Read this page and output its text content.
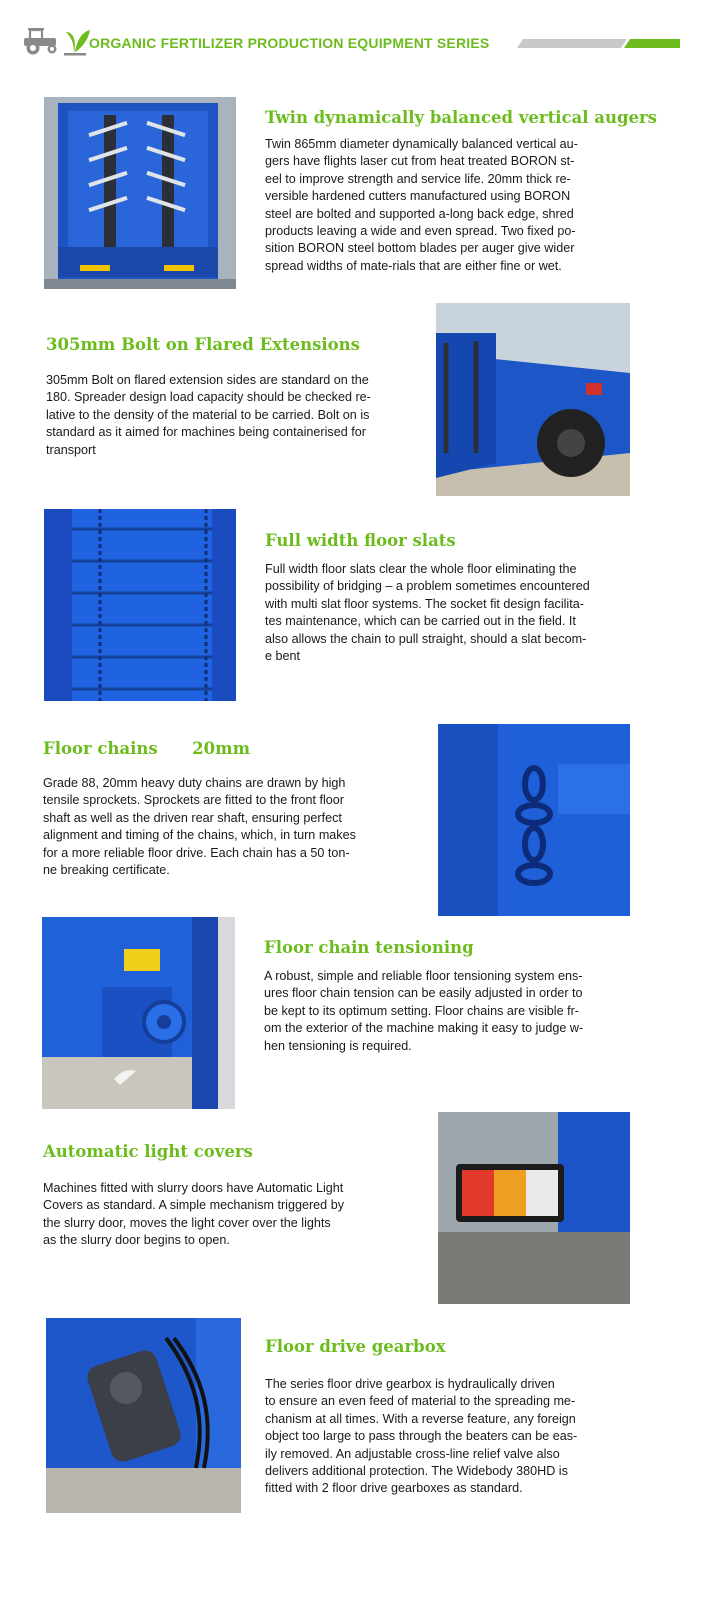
ORGANIC FERTILIZER PRODUCTION EQUIPMENT SERIES
Twin dynamically balanced vertical augers
Twin 865mm diameter dynamically balanced vertical au-
gers have flights laser cut from heat treated BORON st-
eel to improve strength and service life. 20mm thick re-
versible hardened cutters manufactured using BORON
steel are bolted and supported a-long back edge, shred
products leaving a wide and even spread. Two fixed po-
sition BORON steel bottom blades per auger give wider
spread widths of mate-rials that are either fine or wet.
305mm Bolt on Flared Extensions
305mm Bolt on flared extension sides are standard on the
180. Spreader design load capacity should be checked re-
lative to the density of the material to be carried. Bolt on is
standard as it aimed for machines being containerised for
transport
Full width floor slats
Full width floor slats clear the whole floor eliminating the
possibility of bridging – a problem sometimes encountered
with multi slat floor systems. The socket fit design facilita-
tes maintenance, which can be carried out in the field. It
also allows the chain to pull straight, should a slat becom-
e bent
Floor chains      20mm
Grade 88, 20mm heavy duty chains are drawn by high
tensile sprockets. Sprockets are fitted to the front floor
shaft as well as the driven rear shaft, ensuring perfect
alignment and timing of the chains, which, in turn makes
for a more reliable floor drive. Each chain has a 50 ton-
ne breaking certificate.
Floor chain tensioning
A robust, simple and reliable floor tensioning system ens-
ures floor chain tension can be easily adjusted in order to
be kept to its optimum setting. Floor chains are visible fr-
om the exterior of the machine making it easy to judge w-
hen tensioning is required.
Automatic light covers
Machines fitted with slurry doors have Automatic Light
Covers as standard. A simple mechanism triggered by
the slurry door, moves the light cover over the lights
as the slurry door begins to open.
Floor drive gearbox
The series floor drive gearbox is hydraulically driven
to ensure an even feed of material to the spreading me-
chanism at all times. With a reverse feature, any foreign
object too large to pass through the beaters can be eas-
ily removed. An adjustable cross-line relief valve also
delivers additional protection. The Widebody 380HD is
fitted with 2 floor drive gearboxes as standard.
